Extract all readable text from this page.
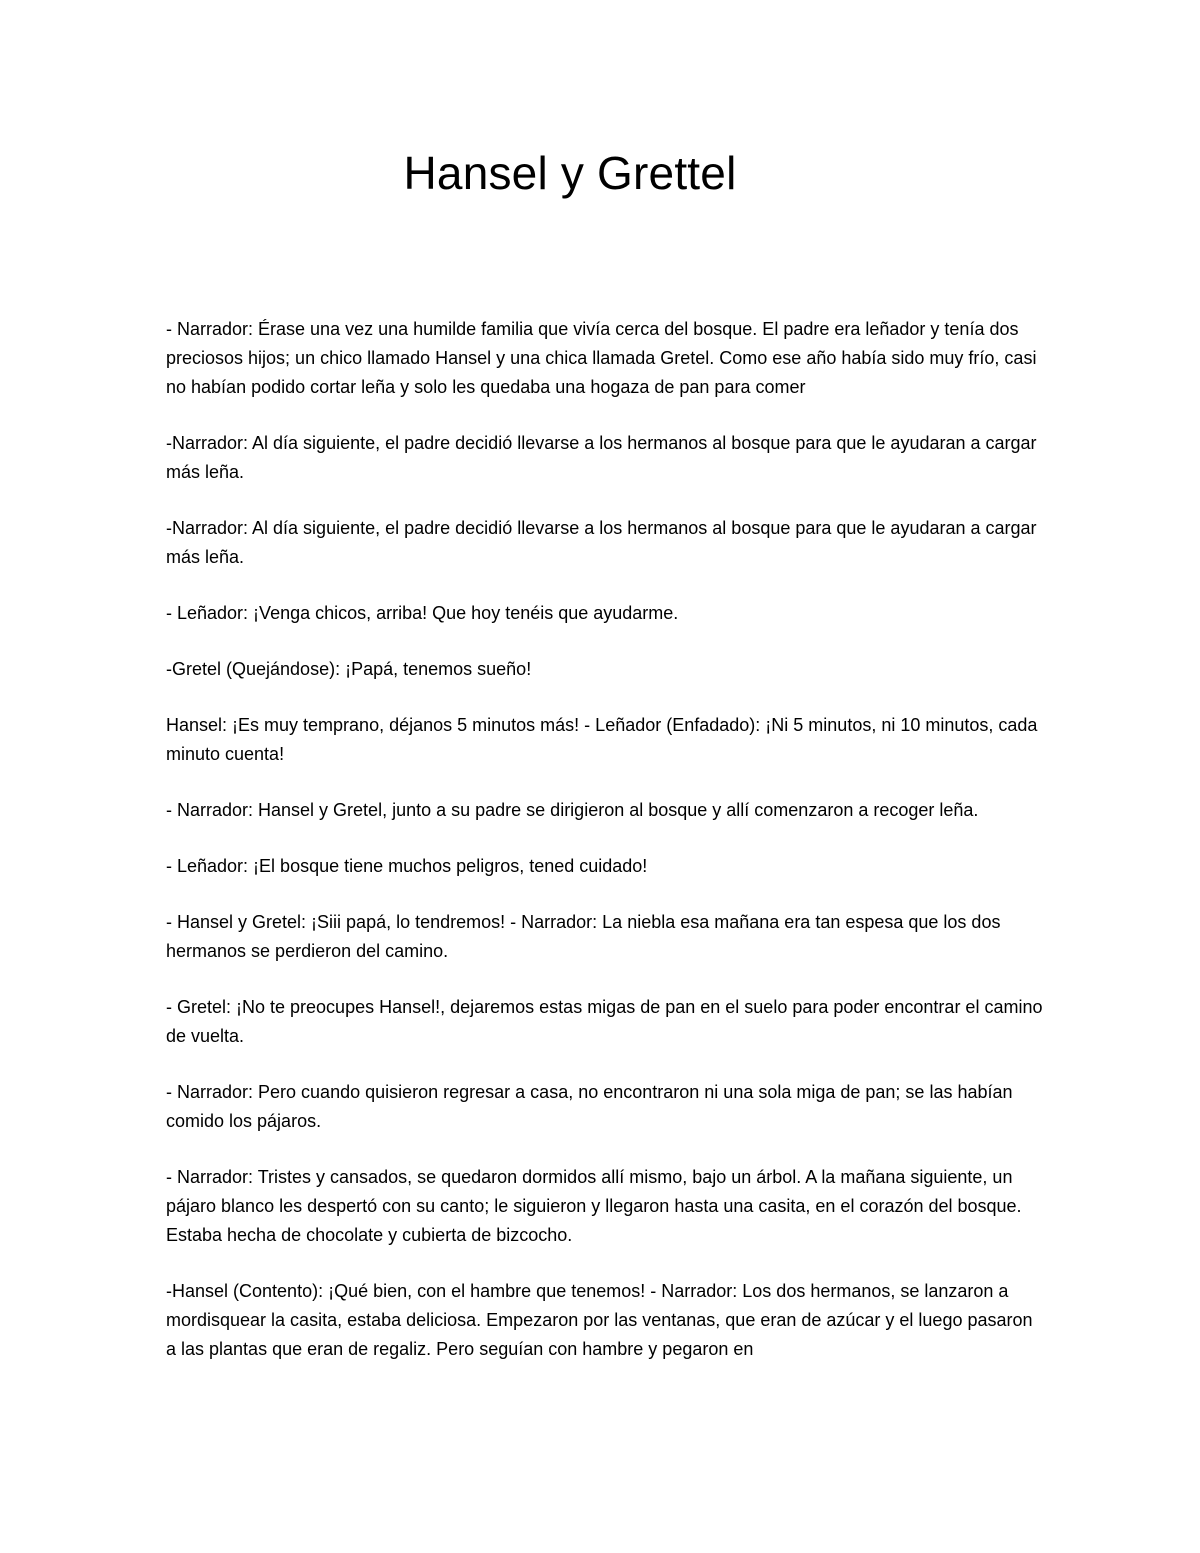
Hansel y Grettel

- Narrador: Érase una vez una humilde familia que vivía cerca del bosque. El padre era leñador y tenía dos preciosos hijos; un chico llamado Hansel y una chica llamada Gretel. Como ese año había sido muy frío, casi no habían podido cortar leña y solo les quedaba una hogaza de pan para comer

-Narrador: Al día siguiente, el padre decidió llevarse a los hermanos al bosque para que le ayudaran a cargar más leña.

-Narrador: Al día siguiente, el padre decidió llevarse a los hermanos al bosque para que le ayudaran a cargar más leña.

- Leñador: ¡Venga chicos, arriba! Que hoy tenéis que ayudarme.

-Gretel (Quejándose): ¡Papá, tenemos sueño!

Hansel: ¡Es muy temprano, déjanos 5 minutos más! - Leñador (Enfadado): ¡Ni 5 minutos, ni 10 minutos, cada minuto cuenta!

- Narrador: Hansel y Gretel, junto a su padre se dirigieron al bosque y allí comenzaron a recoger leña.

- Leñador: ¡El bosque tiene muchos peligros, tened cuidado!

- Hansel y Gretel: ¡Siii papá, lo tendremos! - Narrador: La niebla esa mañana era tan espesa que los dos hermanos se perdieron del camino.

- Gretel: ¡No te preocupes Hansel!, dejaremos estas migas de pan en el suelo para poder encontrar el camino de vuelta.

- Narrador: Pero cuando quisieron regresar a casa, no encontraron ni una sola miga de pan; se las habían comido los pájaros.

- Narrador: Tristes y cansados, se quedaron dormidos allí mismo, bajo un árbol. A la mañana siguiente, un pájaro blanco les despertó con su canto; le siguieron y llegaron hasta una casita, en el corazón del bosque. Estaba hecha de chocolate y cubierta de bizcocho.

-Hansel (Contento): ¡Qué bien, con el hambre que tenemos! - Narrador: Los dos hermanos, se lanzaron a mordisquear la casita, estaba deliciosa. Empezaron por las ventanas, que eran de azúcar y el luego pasaron a las plantas que eran de regaliz. Pero seguían con hambre y pegaron en
